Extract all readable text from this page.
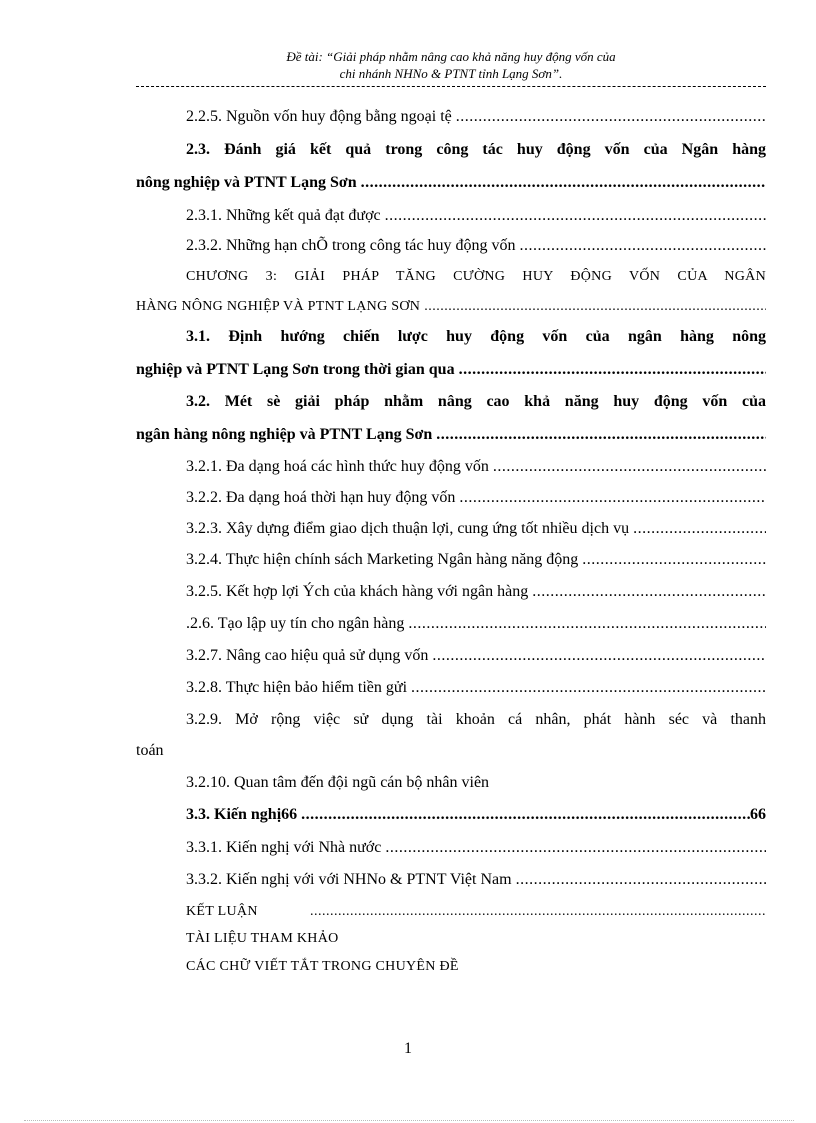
Đề tài: “Giải pháp nhằm nâng cao khả năng huy động vốn của
chi nhánh NHNo & PTNT tỉnh Lạng Sơn”.
2.2.5. Nguồn vốn huy động bằng ngoại tệ
.....
2.3. Đánh giá kết quả trong công tác huy động vốn của Ngân hàng
nông nghiệp và PTNT Lạng Sơn
.....
2.3.1. Những kết quả đạt được
.....
2.3.2. Những hạn chÕ trong công tác huy động vốn
.....
CHƯƠNG 3: GIẢI PHÁP TĂNG CƯỜNG HUY ĐỘNG VỐN CỦA NGÂN
HÀNG NÔNG NGHIỆP VÀ PTNT LẠNG SƠN
.....
3.1. Định hướng chiến lược huy động vốn của ngân hàng nông
nghiệp và PTNT Lạng Sơn trong thời gian qua
.....
3.2. Mét sè giải pháp nhằm nâng cao khả năng huy động vốn của
ngân hàng nông nghiệp và PTNT Lạng Sơn
.....
3.2.1. Đa dạng hoá các hình thức huy động vốn
.....
3.2.2. Đa dạng hoá thời hạn huy động vốn
.....
3.2.3. Xây dựng điểm giao dịch thuận lợi, cung ứng tốt nhiều dịch vụ
.....
3.2.4. Thực hiện chính sách Marketing Ngân hàng năng động
.....
3.2.5. Kết hợp lợi Ých của khách hàng với ngân hàng
.....
.2.6. Tạo lập uy tín cho ngân hàng
.....
3.2.7. Nâng cao hiệu quả sử dụng vốn
.....
3.2.8. Thực hiện bảo hiểm tiền gửi
.....
3.2.9. Mở rộng việc sử dụng tài khoản cá nhân, phát hành séc và thanh
toán
3.2.10. Quan tâm đến đội ngũ cán bộ nhân viên
3.3. Kiến nghị66
.....	66
3.3.1. Kiến nghị với Nhà nước
.....
3.3.2. Kiến nghị với với NHNo & PTNT Việt Nam
.....
KẾT LUẬN
.....
TÀI LIỆU THAM KHẢO
CÁC CHỮ VIẾT TẮT TRONG CHUYÊN ĐỀ
1
